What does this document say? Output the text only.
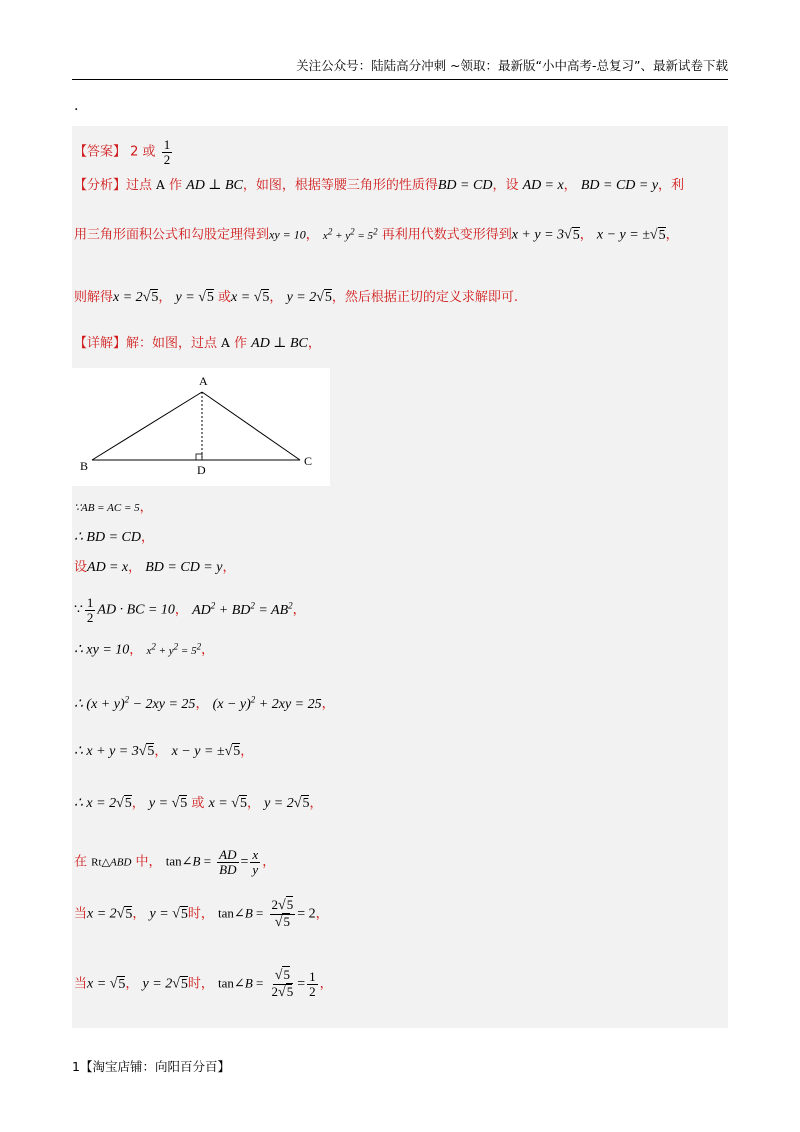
关注公众号：陆陆高分冲刺 ~领取：最新版“小中高考-总复习”、最新试卷下载
.
【答案】 2 或 $\frac{1}{2}$
【分析】过点 A 作 AD ⊥ BC，如图，根据等腰三角形的性质得BD = CD，设 AD = x， BD = CD = y，利
用三角形面积公式和勾股定理得到xy = 10， $x^2 + y^2 = 5^2$ 再利用代数式变形得到x + y = 3√5， x − y = ±√5，
则解得x = 2√5， y = √5 或x = √5， y = 2√5，然后根据正切的定义求解即可.
【详解】解：如图，过点 A 作 AD ⊥ BC，
A
B	C
D
∵AB = AC = 5，
∴ BD = CD，
设AD = x， BD = CD = y，
∵ $\frac{1}{2}$ AD · BC = 10， $AD^2 + BD^2 = AB^2$，
∴ xy = 10， $x^2 + y^2 = 5^2$，
∴ $(x + y)^2 - 2xy = 25$， $(x - y)^2 + 2xy = 25$，
∴ x + y = 3√5， x − y = ±√5，
∴ x = 2√5， y = √5 或 x = √5， y = 2√5，
在 Rt△ABD 中， tan∠B = $\frac{AD}{BD} = \frac{x}{y}$ ，
当x = 2√5， y = √5时， tan∠B = $\frac{2√5}{√5} = 2$，
当x = √5， y = 2√5时， tan∠B = $\frac{√5}{2√5} = \frac{1}{2}$ ，
1【淘宝店铺：向阳百分百】
